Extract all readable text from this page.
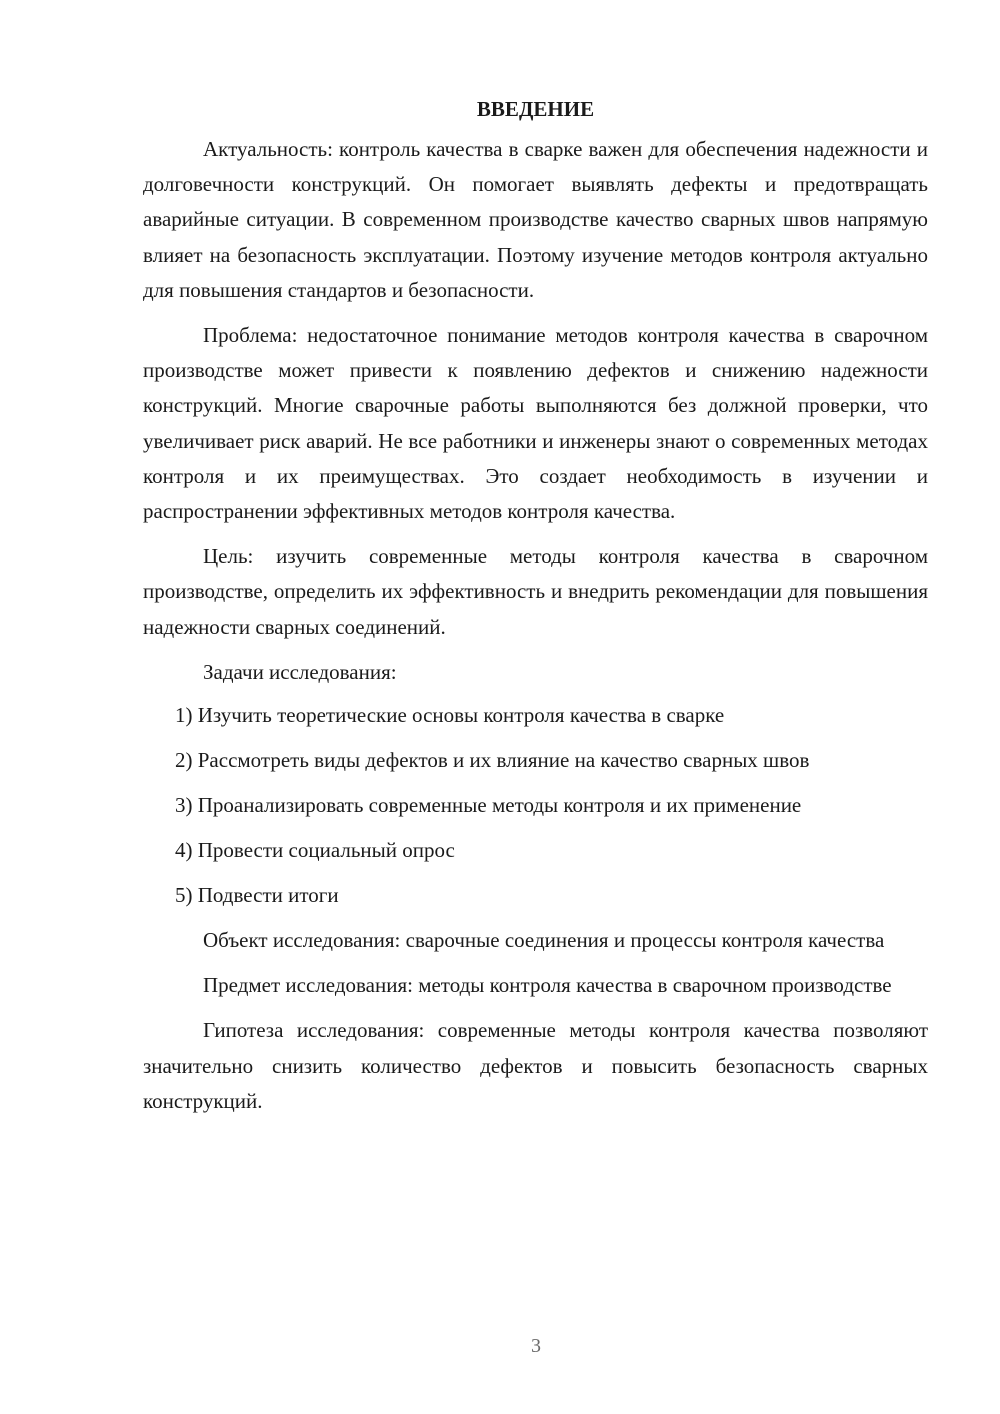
ВВЕДЕНИЕ

Актуальность: контроль качества в сварке важен для обеспечения надежности и долговечности конструкций. Он помогает выявлять дефекты и предотвращать аварийные ситуации. В современном производстве качество сварных швов напрямую влияет на безопасность эксплуатации. Поэтому изучение методов контроля актуально для повышения стандартов и безопасности.

Проблема: недостаточное понимание методов контроля качества в сварочном производстве может привести к появлению дефектов и снижению надежности конструкций. Многие сварочные работы выполняются без должной проверки, что увеличивает риск аварий. Не все работники и инженеры знают о современных методах контроля и их преимуществах. Это создает необходимость в изучении и распространении эффективных методов контроля качества.

Цель: изучить современные методы контроля качества в сварочном производстве, определить их эффективность и внедрить рекомендации для повышения надежности сварных соединений.

Задачи исследования:

1) Изучить теоретические основы контроля качества в сварке
2) Рассмотреть виды дефектов и их влияние на качество сварных швов
3) Проанализировать современные методы контроля и их применение
4) Провести социальный опрос
5) Подвести итоги

Объект исследования: сварочные соединения и процессы контроля качества

Предмет исследования: методы контроля качества в сварочном производстве

Гипотеза исследования: современные методы контроля качества позволяют значительно снизить количество дефектов и повысить безопасность сварных конструкций.

3
